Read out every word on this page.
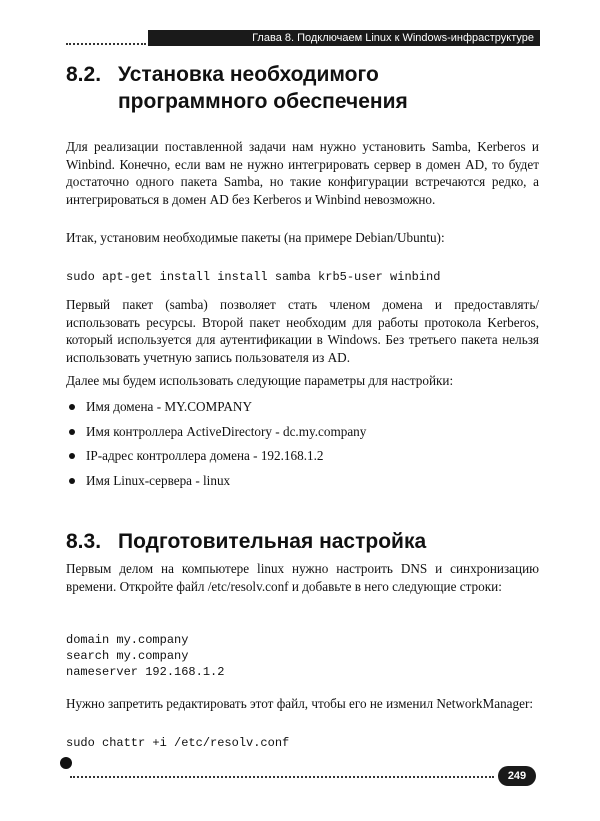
Глава 8. Подключаем Linux к Windows-инфраструктуре
8.2. Установка необходимого
программного обеспечения

Для реализации поставленной задачи нам нужно установить Samba, Kerberos и Winbind. Конечно, если вам не нужно интегрировать сервер в домен AD, то будет достаточно одного пакета Samba, но такие конфигурации встречаются редко, а интегрироваться в домен AD без Kerberos и Winbind невозможно.

Итак, установим необходимые пакеты (на примере Debian/Ubuntu):

sudo apt-get install install samba krb5-user winbind

Первый пакет (samba) позволяет стать членом домена и предоставлять/использовать ресурсы. Второй пакет необходим для работы протокола Kerberos, который используется для аутентификации в Windows. Без третьего пакета нельзя использовать учетную запись пользователя из AD.

Далее мы будем использовать следующие параметры для настройки:

Имя домена - MY.COMPANY
Имя контроллера ActiveDirectory - dc.my.company
IP-адрес контроллера домена - 192.168.1.2
Имя Linux-сервера - linux
8.3. Подготовительная настройка

Первым делом на компьютере linux нужно настроить DNS и синхронизацию времени. Откройте файл /etc/resolv.conf и добавьте в него следующие строки:

domain my.company
search my.company
nameserver 192.168.1.2

Нужно запретить редактировать этот файл, чтобы его не изменил NetworkManager:

sudo chattr +i /etc/resolv.conf
249
